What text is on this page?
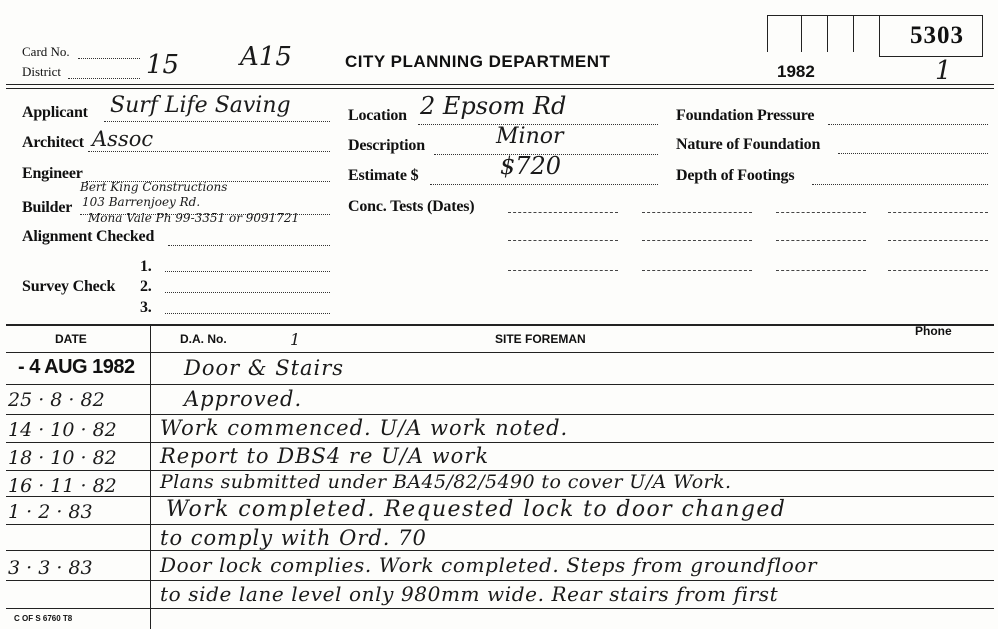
Card No.
District	15 A15	CITY PLANNING DEPARTMENT
1982	1
5303
Applicant Surf Life Saving
Architect Assoc
Engineer
Bert King Constructions
Builder 103 Barrenjoey Rd.
Mona Vale Ph 99-3351 or 9091721
Alignment Checked
1.
Survey Check 2.
3.
Location 2 Epsom Rd
Description	Minor
Estimate $	$720
Conc. Tests (Dates)
Foundation Pressure
Nature of Foundation
Depth of Footings
DATE	D.A. No.	1	SITE FOREMAN
Phone
- 4 AUG 1982 Door & Stairs
25 · 8 · 82	Approved.
14 · 10 · 82 Work commenced. U/A work noted.
18 · 10 · 82 Report to DBS4 re U/A work
16 · 11 · 82 Plans submitted under BA45/82/5490 to cover U/A Work.
1 · 2 · 83	Work completed. Requested lock to door changed
to comply with Ord. 70
3 · 3 · 83	Door lock complies. Work completed. Steps from groundfloor
to side lane level only 980mm wide. Rear stairs from first
C OF S 6760 T8
